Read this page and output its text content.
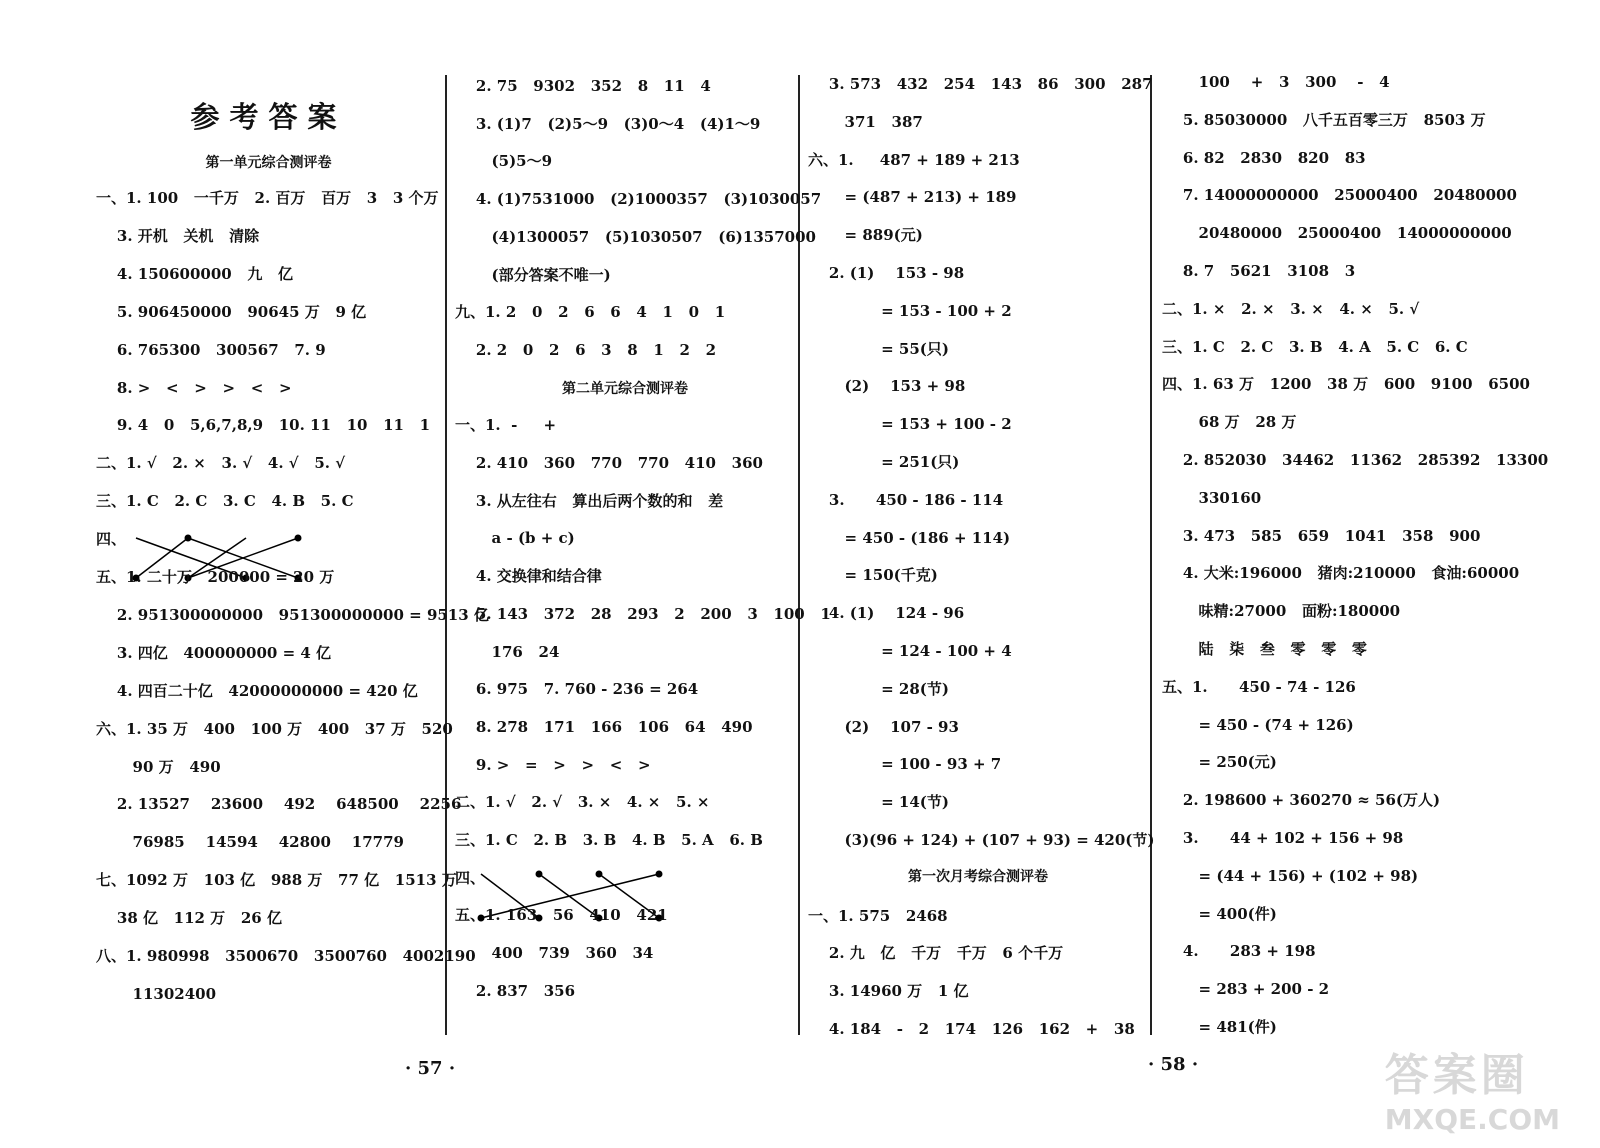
参考答案
第一单元综合测评卷
一、1. 100   一千万   2. 百万   百万   3   3 个万
3. 开机   关机   清除
4. 150600000   九   亿
5. 906450000   90645 万   9 亿
6. 765300   300567   7. 9
8. >   <   >   >   <   >
9. 4   0   5,6,7,8,9   10. 11   10   11   1
二、1. √   2. ×   3. √   4. √   5. √
三、1. C   2. C   3. C   4. B   5. C
四、
五、1. 二十万   200000 = 20 万
2. 951300000000   951300000000 = 9513 亿
3. 四亿   400000000 = 4 亿
4. 四百二十亿   42000000000 = 420 亿
六、1. 35 万   400   100 万   400   37 万   520
90 万   490
2. 13527    23600    492    648500    2256
76985    14594    42800    17779
七、1092 万   103 亿   988 万   77 亿   1513 万
38 亿   112 万   26 亿
八、1. 980998   3500670   3500760   4002190
11302400
第二单元综合测评卷
2. 75   9302   352   8   11   4
3. (1)7   (2)5～9   (3)0～4   (4)1～9
(5)5～9
4. (1)7531000   (2)1000357   (3)1030057
(4)1300057   (5)1030507   (6)1357000
(部分答案不唯一)
九、1. 2   0   2   6   6   4   1   0   1
2. 2   0   2   6   3   8   1   2   2
一、1.  -     +
2. 410   360   770   770   410   360
3. 从左往右   算出后两个数的和   差
a - (b + c)
4. 交换律和结合律
5. 143   372   28   293   2   200   3   100   1
176   24
6. 975   7. 760 - 236 = 264
8. 278   171   166   106   64   490
9. >   =   >   >   <   >
二、1. √   2. √   3. ×   4. ×   5. ×
三、1. C   2. B   3. B   4. B   5. A   6. B
四、
五、1. 163   56   410   421
400   739   360   34
2. 837   356
第一次月考综合测评卷
3. 573   432   254   143   86   300   287
371   387
六、1.     487 + 189 + 213
= (487 + 213) + 189
= 889(元)
2. (1)    153 - 98
= 153 - 100 + 2
= 55(只)
(2)    153 + 98
= 153 + 100 - 2
= 251(只)
3.      450 - 186 - 114
= 450 - (186 + 114)
= 150(千克)
4. (1)    124 - 96
= 124 - 100 + 4
= 28(节)
(2)    107 - 93
= 100 - 93 + 7
= 14(节)
(3)(96 + 124) + (107 + 93) = 420(节)
一、1. 575   2468
2. 九   亿   千万   千万   6 个千万
3. 14960 万   1 亿
4. 184   -   2   174   126   162   +   38
100    +   3   300    -   4
5. 85030000   八千五百零三万   8503 万
6. 82   2830   820   83
7. 14000000000   25000400   20480000
20480000   25000400   14000000000
8. 7   5621   3108   3
二、1. ×   2. ×   3. ×   4. ×   5. √
三、1. C   2. C   3. B   4. A   5. C   6. C
四、1. 63 万   1200   38 万   600   9100   6500
68 万   28 万
2. 852030   34462   11362   285392   13300
330160
3. 473   585   659   1041   358   900
4. 大米:196000   猪肉:210000   食油:60000
味精:27000   面粉:180000
陆   柒   叁   零   零   零
五、1.      450 - 74 - 126
= 450 - (74 + 126)
= 250(元)
2. 198600 + 360270 ≈ 56(万人)
3.      44 + 102 + 156 + 98
= (44 + 156) + (102 + 98)
= 400(件)
4.      283 + 198
= 283 + 200 - 2
= 481(件)
· 57 ·	· 58 ·	答案圈
MXQE.COM
